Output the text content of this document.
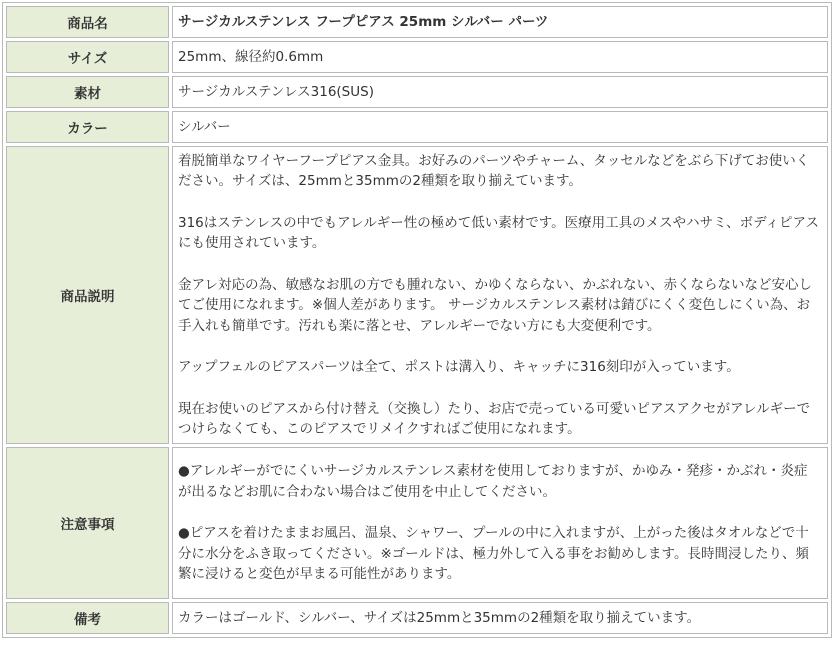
商品名	サージカルステンレス フープピアス 25mm シルバー パーツ
サイズ	25mm、線径約0.6mm
素材	サージカルステンレス316(SUS)
カラー	シルバー
商品説明	着脱簡単なワイヤーフープピアス金具。お好みのパーツやチャーム、タッセルなどをぶら下げてお使いください。サイズは、25mmと35mmの2種類を取り揃えています。

316はステンレスの中でもアレルギー性の極めて低い素材です。医療用工具のメスやハサミ、ボディピアスにも使用されています。

金アレ対応の為、敏感なお肌の方でも腫れない、かゆくならない、かぶれない、赤くならないなど安心してご使用になれます。※個人差があります。 サージカルステンレス素材は錆びにくく変色しにくい為、お手入れも簡単です。汚れも楽に落とせ、アレルギーでない方にも大変便利です。

アップフェルのピアスパーツは全て、ポストは溝入り、キャッチに316刻印が入っています。

現在お使いのピアスから付け替え（交換し）たり、お店で売っている可愛いピアスアクセがアレルギーでつけらなくても、このピアスでリメイクすればご使用になれます。

注意事項	●アレルギーがでにくいサージカルステンレス素材を使用しておりますが、かゆみ・発疹・かぶれ・炎症が出るなどお肌に合わない場合はご使用を中止してください。

●ピアスを着けたままお風呂、温泉、シャワー、プールの中に入れますが、上がった後はタオルなどで十分に水分をふき取ってください。※ゴールドは、極力外して入る事をお勧めします。長時間浸したり、頻繁に浸けると変色が早まる可能性があります。

備考	カラーはゴールド、シルバー、サイズは25mmと35mmの2種類を取り揃えています。
